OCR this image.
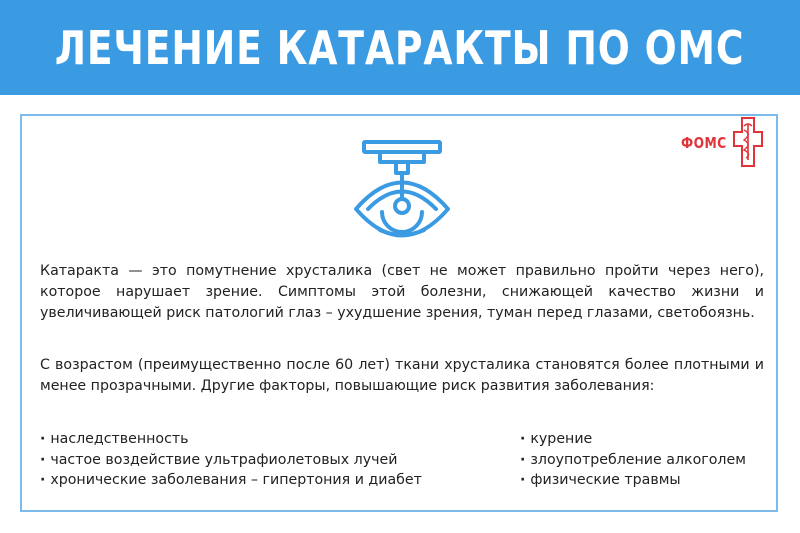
ЛЕЧЕНИЕ КАТАРАКТЫ ПО ОМС
ФОМС
Катаракта — это помутнение хрусталика (свет не может правильно пройти через него), которое нарушает зрение. Симптомы этой болезни, снижающей качество жизни и увеличивающей риск патологий глаз – ухудшение зрения, туман перед глазами, светобоязнь.
С возрастом (преимущественно после 60 лет) ткани хрусталика становятся более плотными и менее прозрачными. Другие факторы, повышающие риск развития заболевания:
· наследственность
· частое воздействие ультрафиолетовых лучей
· хронические заболевания – гипертония и диабет
· курение
· злоупотребление алкоголем
· физические травмы
